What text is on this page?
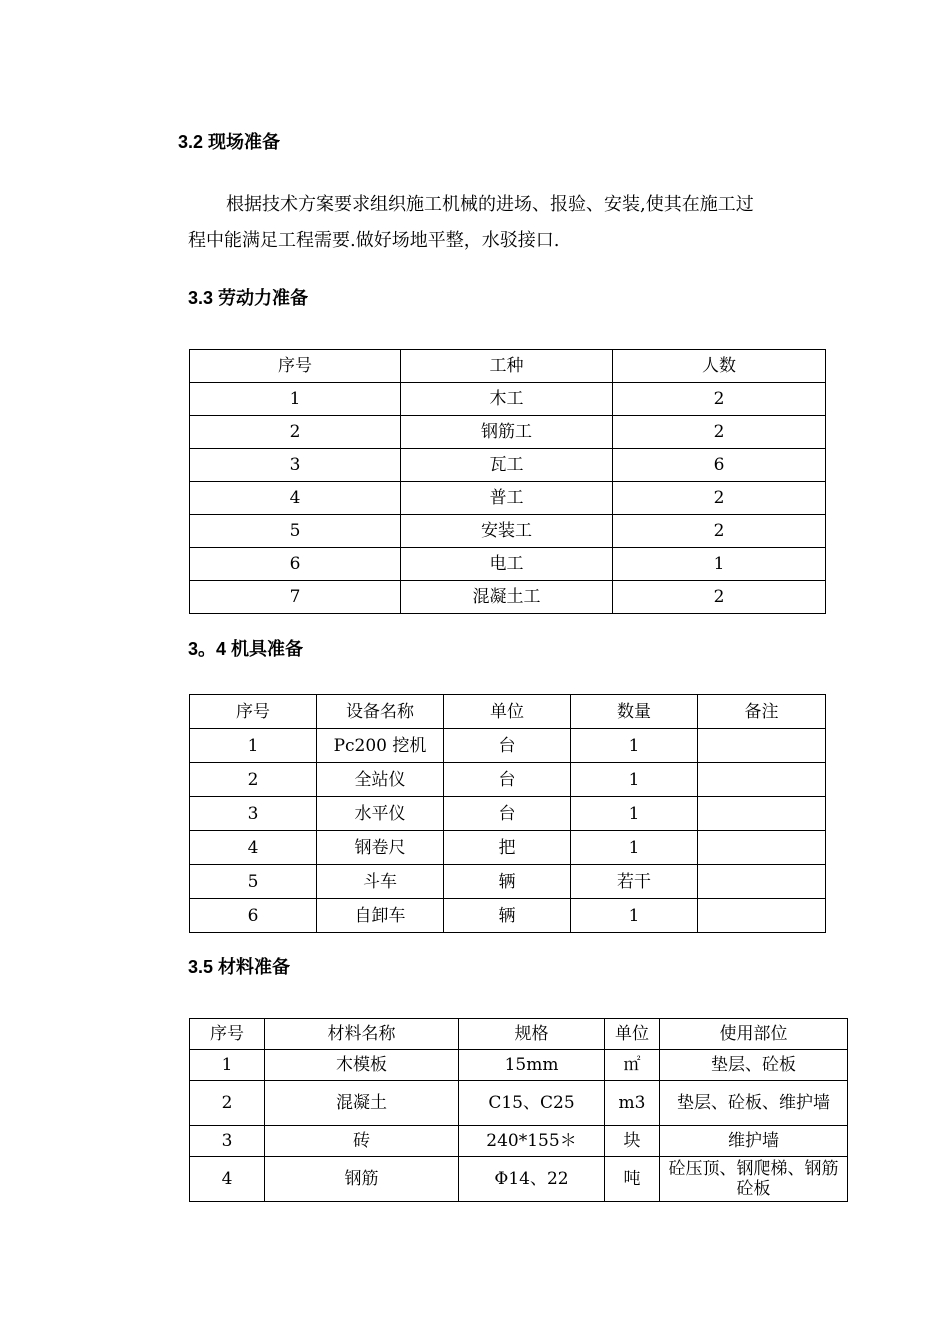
3.2 现场准备

根据技术方案要求组织施工机械的进场、报验、安装,使其在施工过
程中能满足工程需要.做好场地平整，水驳接口.

3.3 劳动力准备
序号	工种	人数
1	木工	2
2	钢筋工	2
3	瓦工	6
4	普工	2
5	安装工	2
6	电工	1
7	混凝土工	2
3。4 机具准备
序号	设备名称	单位	数量	备注
1	Pc200 挖机	台	1	
2	全站仪	台	1	
3	水平仪	台	1	
4	钢卷尺	把	1	
5	斗车	辆	若干	
6	自卸车	辆	1	
3.5 材料准备
序号	材料名称	规格	单位	使用部位
1	木模板	15mm	㎡	垫层、砼板
2	混凝土	C15、C25	m3	垫层、砼板、维护墙
3	砖	240*155＊	块	维护墙
4	钢筋	Φ14、22	吨	砼压顶、钢爬梯、钢筋砼板
